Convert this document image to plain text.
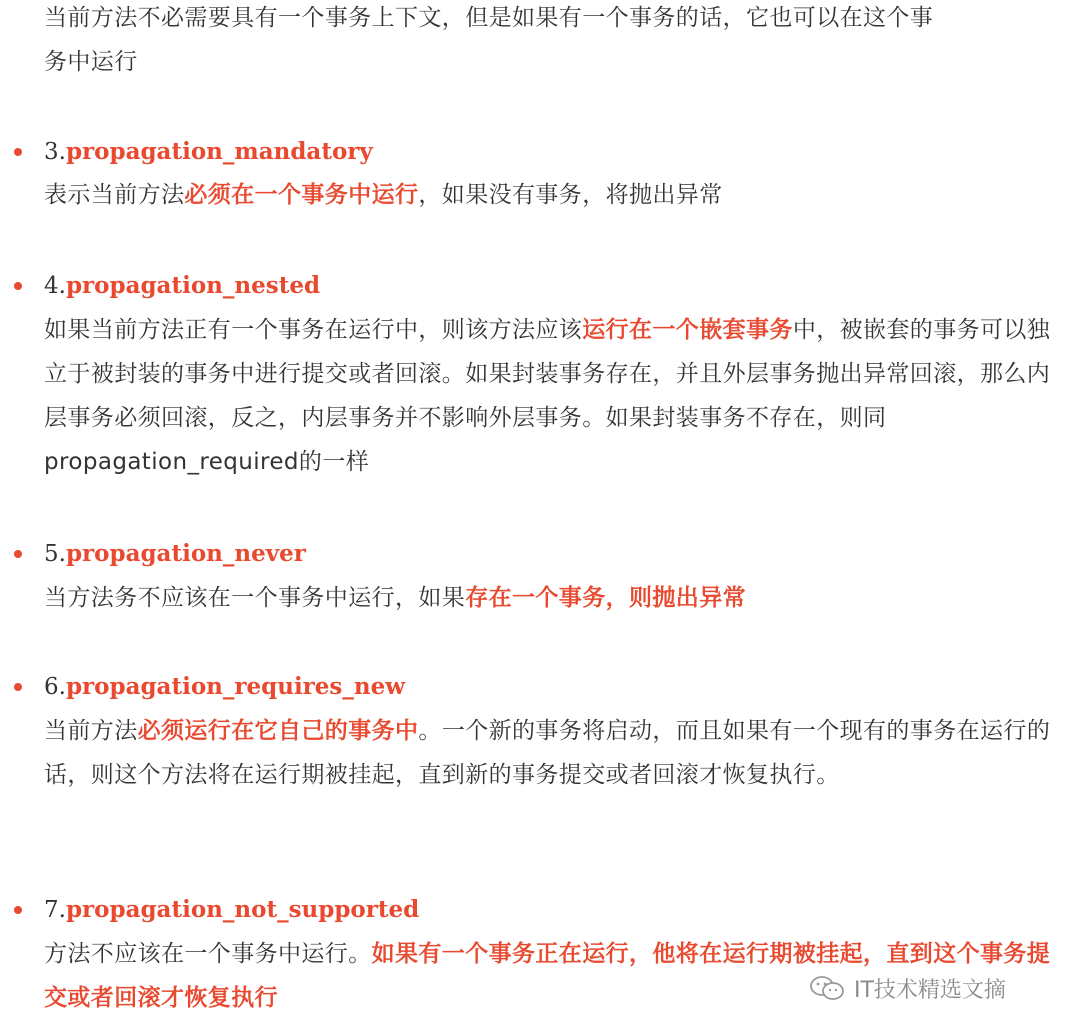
当前方法不必需要具有一个事务上下文，但是如果有一个事务的话，它也可以在这个事
务中运行

3.propagation_mandatory

表示当前方法必须在一个事务中运行，如果没有事务，将抛出异常

4.propagation_nested

如果当前方法正有一个事务在运行中，则该方法应该运行在一个嵌套事务中，被嵌套的事务可以独立于被封装的事务中进行提交或者回滚。如果封装事务存在，并且外层事务抛出异常回滚，那么内层事务必须回滚，反之，内层事务并不影响外层事务。如果封装事务不存在，则同propagation_required的一样

5.propagation_never

当方法务不应该在一个事务中运行，如果存在一个事务，则抛出异常

6.propagation_requires_new

当前方法必须运行在它自己的事务中。一个新的事务将启动，而且如果有一个现有的事务在运行的话，则这个方法将在运行期被挂起，直到新的事务提交或者回滚才恢复执行。

7.propagation_not_supported

方法不应该在一个事务中运行。如果有一个事务正在运行，他将在运行期被挂起，直到这个事务提交或者回滚才恢复执行	IT技术精选文摘
